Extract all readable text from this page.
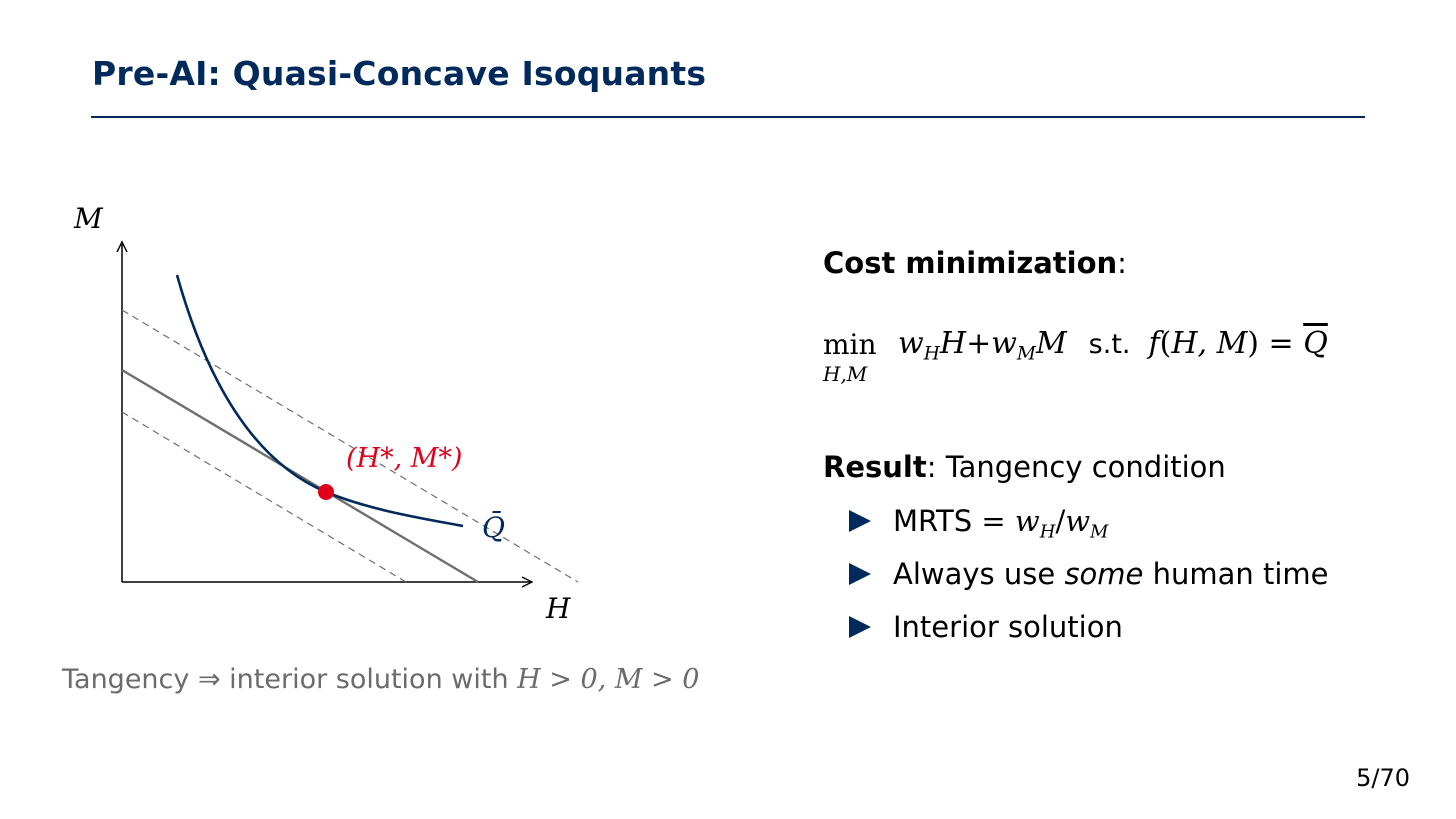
Pre-AI: Quasi-Concave Isoquants
M
H
(H*, M*)
Q̄
Tangency ⇒ interior solution with H > 0, M > 0
Cost minimization:
min
H,M
$w_HH+w_MM$ s.t. f(H, $M) = \overline{Q}$
Result: Tangency condition
MRTS = $w_H/w_M$
Always use some human time
Interior solution
5/70
